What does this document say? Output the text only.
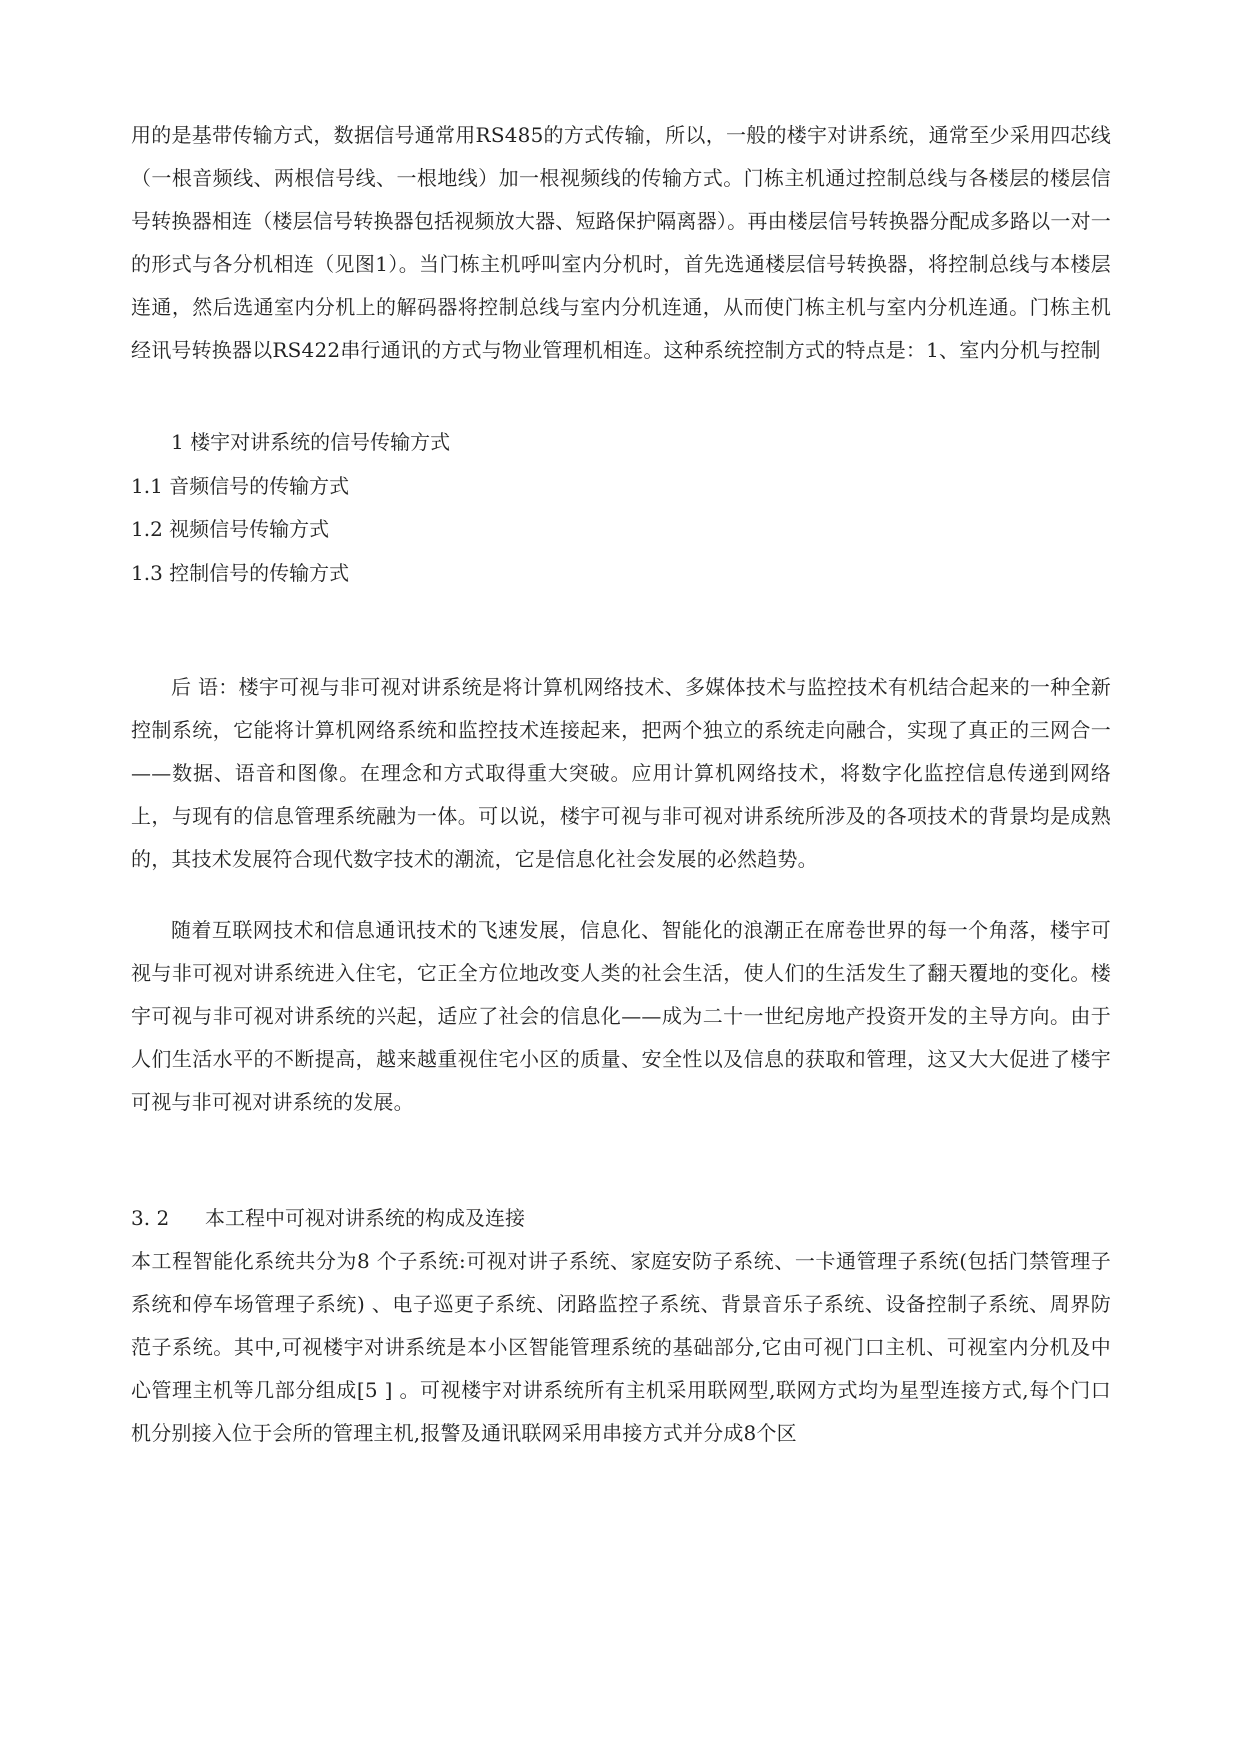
用的是基带传输方式，数据信号通常用RS485的方式传输，所以，一般的楼宇对讲系统，通常至少采用四芯线（一根音频线、两根信号线、一根地线）加一根视频线的传输方式。门栋主机通过控制总线与各楼层的楼层信号转换器相连（楼层信号转换器包括视频放大器、短路保护隔离器）。再由楼层信号转换器分配成多路以一对一的形式与各分机相连（见图1）。当门栋主机呼叫室内分机时，首先选通楼层信号转换器，将控制总线与本楼层连通，然后选通室内分机上的解码器将控制总线与室内分机连通，从而使门栋主机与室内分机连通。门栋主机经讯号转换器以RS422串行通讯的方式与物业管理机相连。这种系统控制方式的特点是：1、室内分机与控制

1 楼宇对讲系统的信号传输方式

1.1 音频信号的传输方式

1.2 视频信号传输方式

1.3 控制信号的传输方式

后 语：楼宇可视与非可视对讲系统是将计算机网络技术、多媒体技术与监控技术有机结合起来的一种全新控制系统，它能将计算机网络系统和监控技术连接起来，把两个独立的系统走向融合，实现了真正的三网合一——数据、语音和图像。在理念和方式取得重大突破。应用计算机网络技术，将数字化监控信息传递到网络上，与现有的信息管理系统融为一体。可以说，楼宇可视与非可视对讲系统所涉及的各项技术的背景均是成熟的，其技术发展符合现代数字技术的潮流，它是信息化社会发展的必然趋势。

随着互联网技术和信息通讯技术的飞速发展，信息化、智能化的浪潮正在席卷世界的每一个角落，楼宇可视与非可视对讲系统进入住宅，它正全方位地改变人类的社会生活，使人们的生活发生了翻天覆地的变化。楼宇可视与非可视对讲系统的兴起，适应了社会的信息化——成为二十一世纪房地产投资开发的主导方向。由于人们生活水平的不断提高，越来越重视住宅小区的质量、安全性以及信息的获取和管理，这又大大促进了楼宇可视与非可视对讲系统的发展。

3. 2 本工程中可视对讲系统的构成及连接

本工程智能化系统共分为8 个子系统:可视对讲子系统、家庭安防子系统、一卡通管理子系统(包括门禁管理子系统和停车场管理子系统) 、电子巡更子系统、闭路监控子系统、背景音乐子系统、设备控制子系统、周界防范子系统。其中,可视楼宇对讲系统是本小区智能管理系统的基础部分,它由可视门口主机、可视室内分机及中心管理主机等几部分组成[5 ] 。可视楼宇对讲系统所有主机采用联网型,联网方式均为星型连接方式,每个门口机分别接入位于会所的管理主机,报警及通讯联网采用串接方式并分成8个区
